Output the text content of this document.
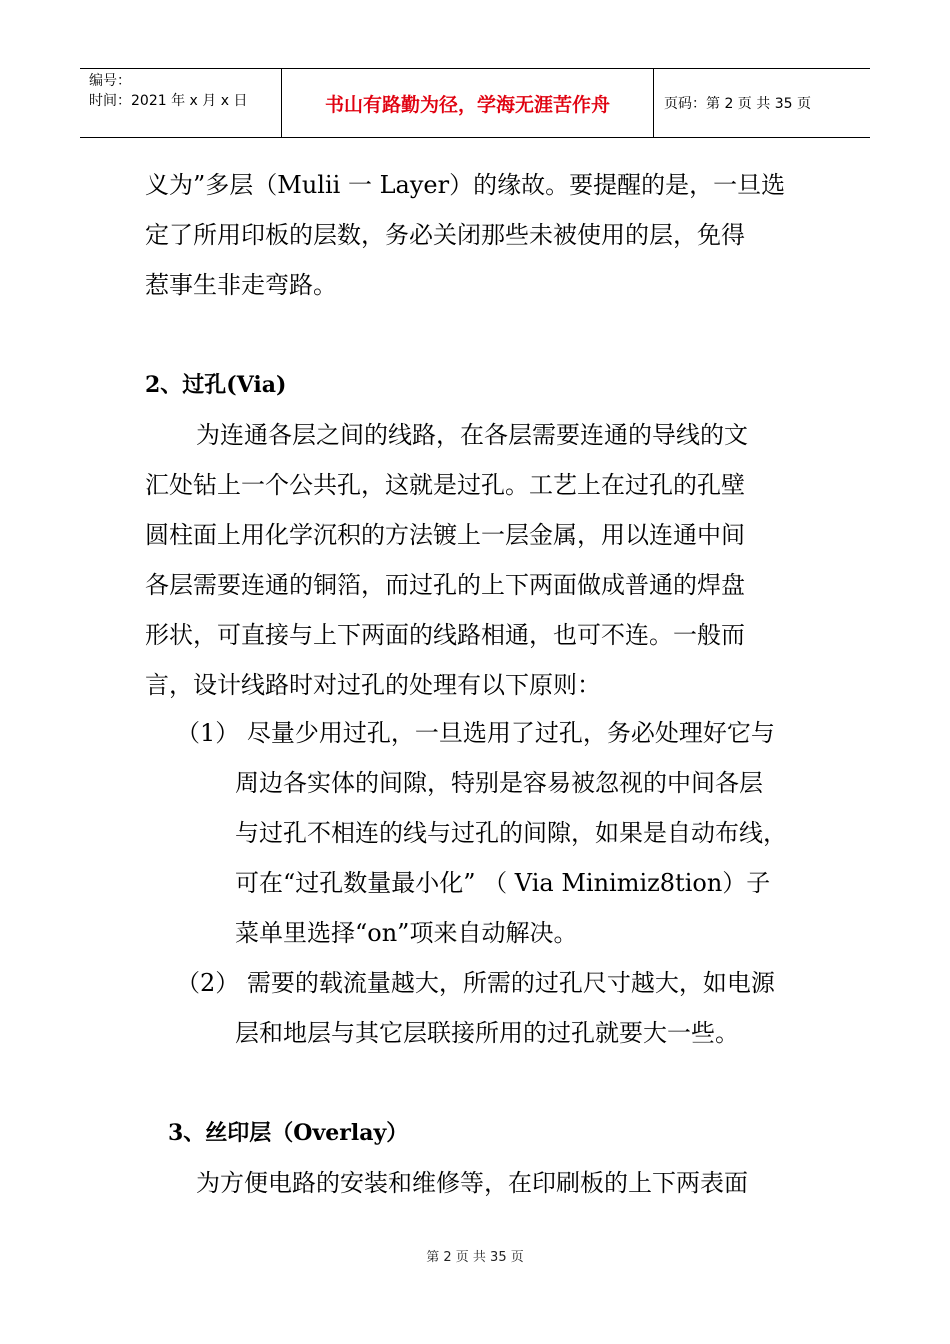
编号：
时间：2021 年 x 月 x 日	书山有路勤为径，学海无涯苦作舟	页码：第 2 页 共 35 页
义为”多层（Mulii 一 Layer）的缘故。要提醒的是，一旦选
定了所用印板的层数，务必关闭那些未被使用的层，免得
惹事生非走弯路。
2、过孔(Via)
为连通各层之间的线路，在各层需要连通的导线的文
汇处钻上一个公共孔，这就是过孔。工艺上在过孔的孔壁
圆柱面上用化学沉积的方法镀上一层金属，用以连通中间
各层需要连通的铜箔，而过孔的上下两面做成普通的焊盘
形状，可直接与上下两面的线路相通，也可不连。一般而
言，设计线路时对过孔的处理有以下原则：
（1） 尽量少用过孔，一旦选用了过孔，务必处理好它与
周边各实体的间隙，特别是容易被忽视的中间各层
与过孔不相连的线与过孔的间隙，如果是自动布线，
可在“过孔数量最小化” （ Via Minimiz8tion）子
菜单里选择“on”项来自动解决。
（2） 需要的载流量越大，所需的过孔尺寸越大，如电源
层和地层与其它层联接所用的过孔就要大一些。
3、丝印层（Overlay）
为方便电路的安装和维修等，在印刷板的上下两表面
第 2 页 共 35 页
